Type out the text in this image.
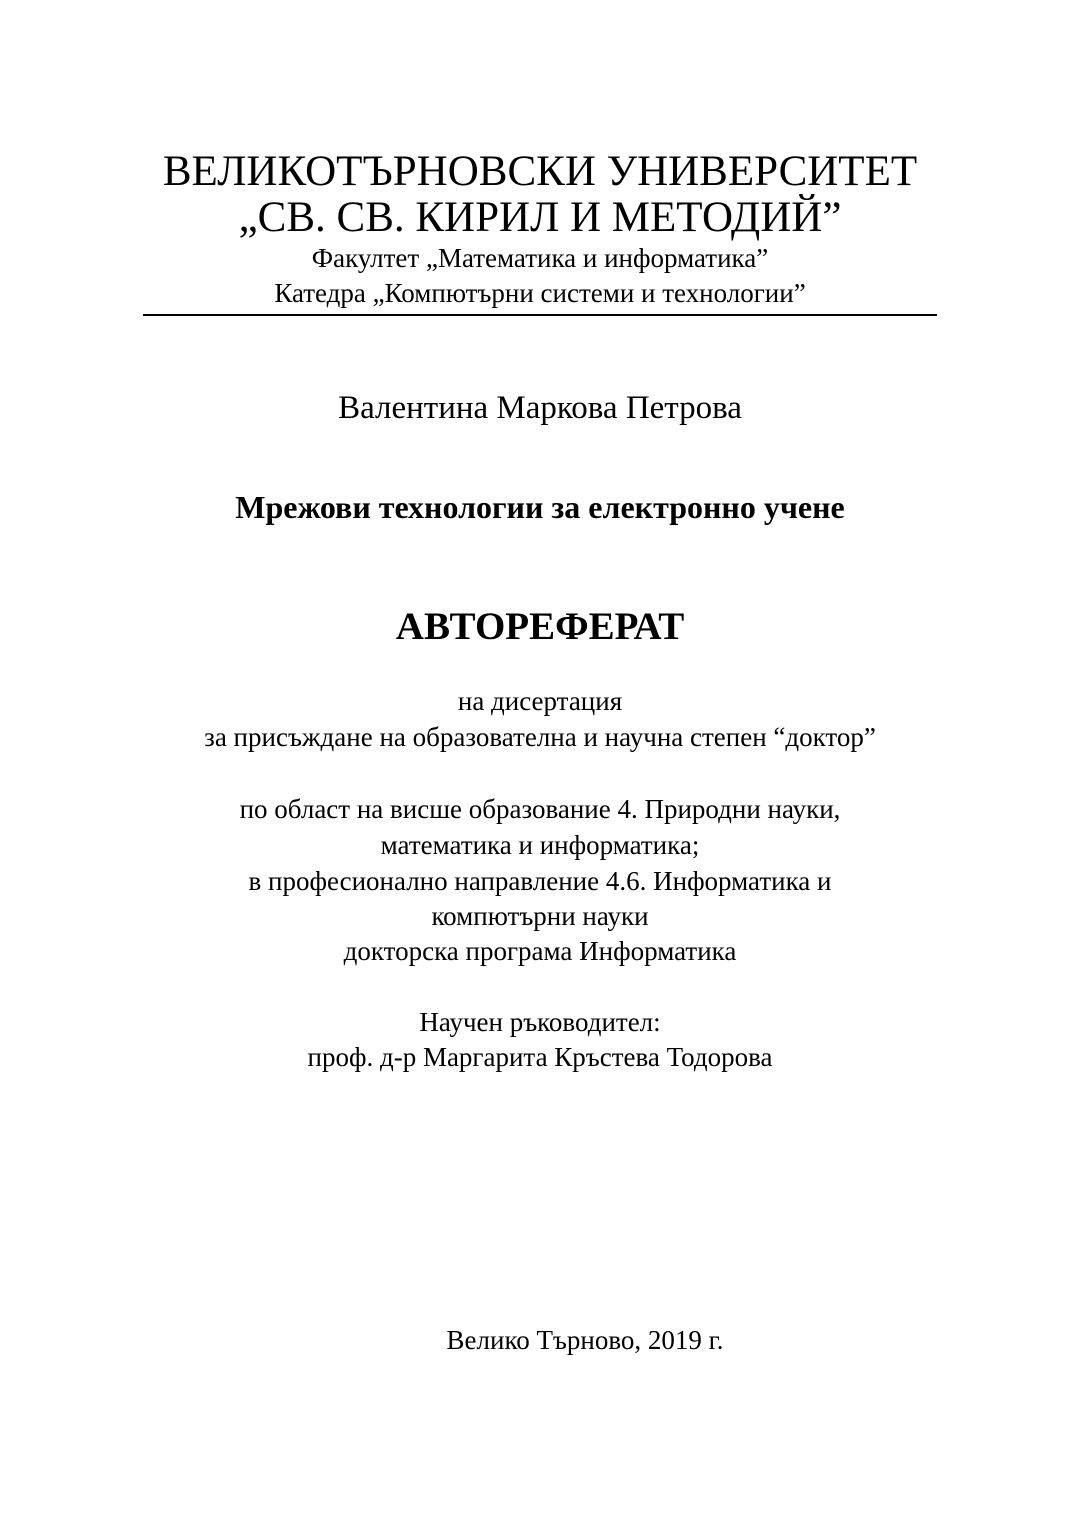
ВЕЛИКОТЪРНОВСКИ УНИВЕРСИТЕТ
„СВ. СВ. КИРИЛ И МЕТОДИЙ”
Факултет „Математика и информатика”
Катедра „Компютърни системи и технологии”
Валентина Маркова Петрова
Мрежови технологии за електронно учене
АВТОРЕФЕРАТ
на дисертация
за присъждане на образователна и научна степен “доктор”
по област на висше образование 4. Природни науки,
математика и информатика;
в професионално направление 4.6. Информатика и
компютърни науки
докторска програма Информатика
Научен ръководител:
проф. д-р Маргарита Кръстева Тодорова
Велико Търново, 2019 г.
